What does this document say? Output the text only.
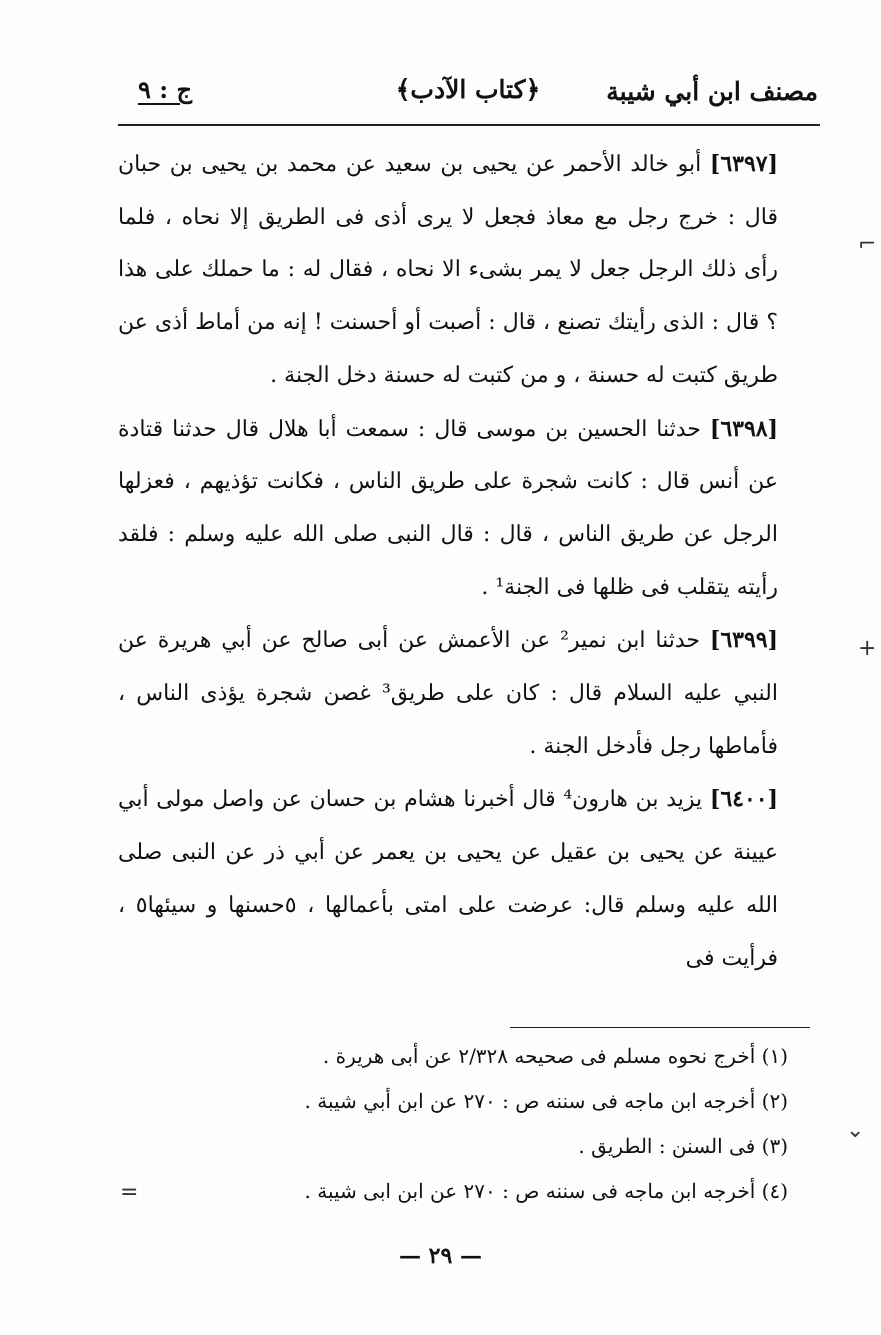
مصنف ابن أبي شيبة
﴿كتاب الآدب﴾
ج : ٩

[٦٣٩٧] أبو خالد الأحمر عن يحيى بن سعيد عن محمد بن يحيى بن حبان قال : خرج رجل مع معاذ فجعل لا يرى أذى فى الطريق إلا نحاه ، فلما رأى ذلك الرجل جعل لا يمر بشىء الا نحاه ، فقال له : ما حملك على هذا ؟ قال : الذى رأيتك تصنع ، قال : أصبت أو أحسنت ! إنه من أماط أذى عن طريق كتبت له حسنة ، و من كتبت له حسنة دخل الجنة .

[٦٣٩٨] حدثنا الحسين بن موسى قال : سمعت أبا هلال قال حدثنا قتادة عن أنس قال : كانت شجرة على طريق الناس ، فكانت تؤذيهم ، فعزلها الرجل عن طريق الناس ، قال : قال النبى صلى الله عليه وسلم : فلقد رأيته يتقلب فى ظلها فى الجنة¹ .

[٦٣٩٩] حدثنا ابن نمير² عن الأعمش عن أبى صالح عن أبي هريرة عن النبي عليه السلام قال : كان على طريق³ غصن شجرة يؤذى الناس ، فأماطها رجل فأدخل الجنة .

[٦٤٠٠] يزيد بن هارون⁴ قال أخبرنا هشام بن حسان عن واصل مولى أبي عيينة عن يحيى بن عقيل عن يحيى بن يعمر عن أبي ذر عن النبى صلى الله عليه وسلم قال: عرضت على امتى بأعمالها ، ٥حسنها و سيئها٥ ، فرأيت فى

(١) أخرج نحوه مسلم فى صحيحه ٢/٣٢٨ عن أبى هريرة .

(٢) أخرجه ابن ماجه فى سننه ص : ٢٧٠ عن ابن أبي شيبة .

(٣) فى السنن : الطريق .

(٤) أخرجه ابن ماجه فى سننه ص : ٢٧٠ عن ابن ابى شيبة .

— ٢٩ —
⌐
+
⌄
=
